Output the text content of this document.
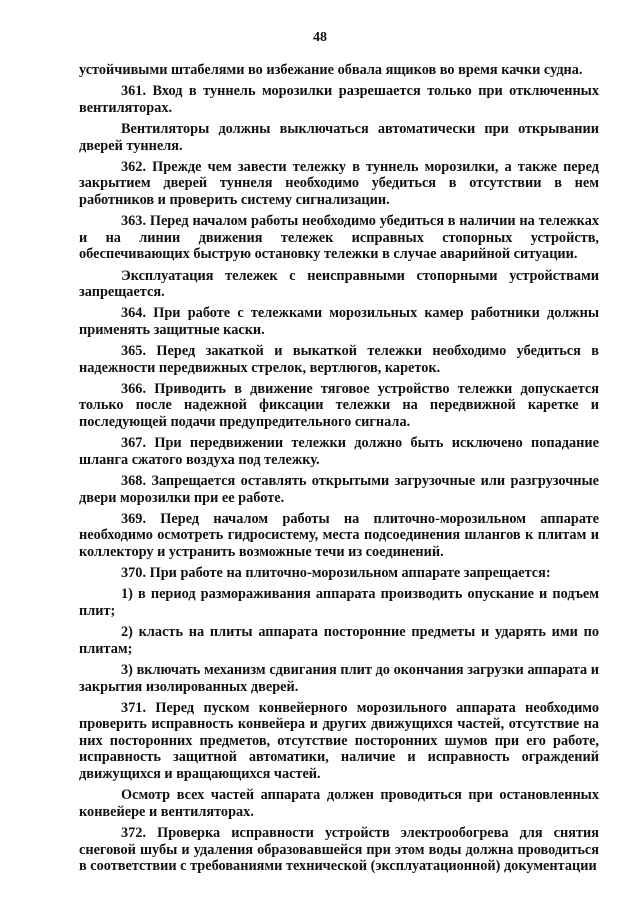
48

устойчивыми штабелями во избежание обвала ящиков во время качки судна.

361. Вход в туннель морозилки разрешается только при отключенных вентиляторах.

Вентиляторы должны выключаться автоматически при открывании дверей туннеля.

362. Прежде чем завести тележку в туннель морозилки, а также перед закрытием дверей туннеля необходимо убедиться в отсутствии в нем работников и проверить систему сигнализации.

363. Перед началом работы необходимо убедиться в наличии на тележках и на линии движения тележек исправных стопорных устройств, обеспечивающих быструю остановку тележки в случае аварийной ситуации.

Эксплуатация тележек с неисправными стопорными устройствами запрещается.

364. При работе с тележками морозильных камер работники должны применять защитные каски.

365. Перед закаткой и выкаткой тележки необходимо убедиться в надежности передвижных стрелок, вертлюгов, кареток.

366. Приводить в движение тяговое устройство тележки допускается только после надежной фиксации тележки на передвижной каретке и последующей подачи предупредительного сигнала.

367. При передвижении тележки должно быть исключено попадание шланга сжатого воздуха под тележку.

368. Запрещается оставлять открытыми загрузочные или разгрузочные двери морозилки при ее работе.

369. Перед началом работы на плиточно-морозильном аппарате необходимо осмотреть гидросистему, места подсоединения шлангов к плитам и коллектору и устранить возможные течи из соединений.

370. При работе на плиточно-морозильном аппарате запрещается:

1) в период размораживания аппарата производить опускание и подъем плит;

2) класть на плиты аппарата посторонние предметы и ударять ими по плитам;

3) включать механизм сдвигания плит до окончания загрузки аппарата и закрытия изолированных дверей.

371. Перед пуском конвейерного морозильного аппарата необходимо проверить исправность конвейера и других движущихся частей, отсутствие на них посторонних предметов, отсутствие посторонних шумов при его работе, исправность защитной автоматики, наличие и исправность ограждений движущихся и вращающихся частей.

Осмотр всех частей аппарата должен проводиться при остановленных конвейере и вентиляторах.

372. Проверка исправности устройств электрообогрева для снятия снеговой шубы и удаления образовавшейся при этом воды должна проводиться в соответствии с требованиями технической (эксплуатационной) документации
